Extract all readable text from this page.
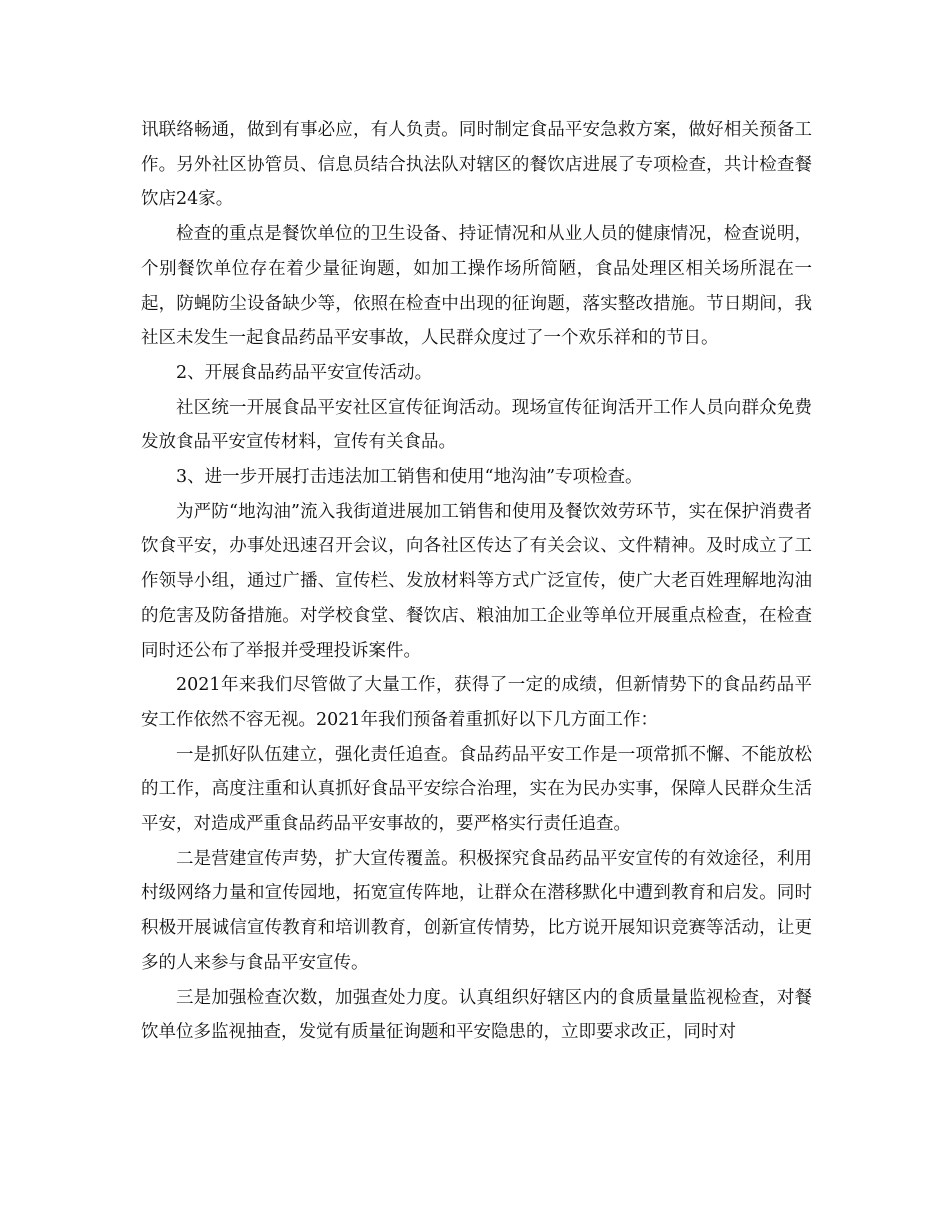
讯联络畅通，做到有事必应，有人负责。同时制定食品平安急救方案，做好相关预备工作。另外社区协管员、信息员结合执法队对辖区的餐饮店进展了专项检查，共计检查餐饮店24家。

检查的重点是餐饮单位的卫生设备、持证情况和从业人员的健康情况，检查说明，个别餐饮单位存在着少量征询题，如加工操作场所简陋，食品处理区相关场所混在一起，防蝇防尘设备缺少等，依照在检查中出现的征询题，落实整改措施。节日期间，我社区未发生一起食品药品平安事故，人民群众度过了一个欢乐祥和的节日。

2、开展食品药品平安宣传活动。

社区统一开展食品平安社区宣传征询活动。现场宣传征询活开工作人员向群众免费发放食品平安宣传材料，宣传有关食品。

3、进一步开展打击违法加工销售和使用“地沟油”专项检查。

为严防“地沟油”流入我街道进展加工销售和使用及餐饮效劳环节，实在保护消费者饮食平安，办事处迅速召开会议，向各社区传达了有关会议、文件精神。及时成立了工作领导小组，通过广播、宣传栏、发放材料等方式广泛宣传，使广大老百姓理解地沟油的危害及防备措施。对学校食堂、餐饮店、粮油加工企业等单位开展重点检查，在检查同时还公布了举报并受理投诉案件。

2021年来我们尽管做了大量工作，获得了一定的成绩，但新情势下的食品药品平安工作依然不容无视。2021年我们预备着重抓好以下几方面工作：

一是抓好队伍建立，强化责任追查。食品药品平安工作是一项常抓不懈、不能放松的工作，高度注重和认真抓好食品平安综合治理，实在为民办实事，保障人民群众生活平安，对造成严重食品药品平安事故的，要严格实行责任追查。

二是营建宣传声势，扩大宣传覆盖。积极探究食品药品平安宣传的有效途径，利用村级网络力量和宣传园地，拓宽宣传阵地，让群众在潜移默化中遭到教育和启发。同时积极开展诚信宣传教育和培训教育，创新宣传情势，比方说开展知识竞赛等活动，让更多的人来参与食品平安宣传。

三是加强检查次数，加强查处力度。认真组织好辖区内的食质量量监视检查，对餐饮单位多监视抽查，发觉有质量征询题和平安隐患的，立即要求改正，同时对
